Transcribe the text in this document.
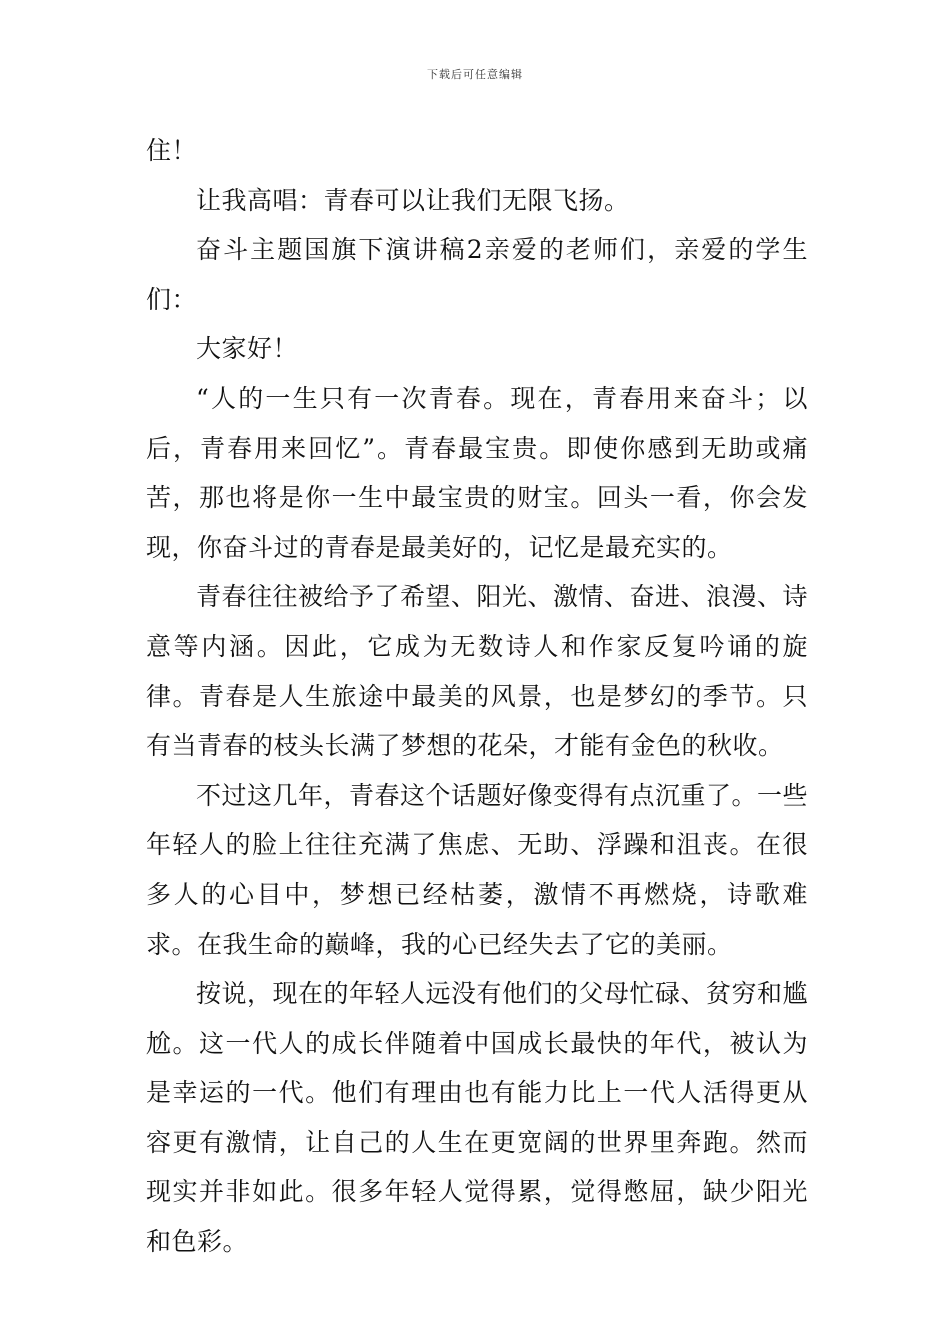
下载后可任意编辑

住！

让我高唱：青春可以让我们无限飞扬。

奋斗主题国旗下演讲稿2亲爱的老师们，亲爱的学生们：

大家好！

“人的一生只有一次青春。现在，青春用来奋斗；以后，青春用来回忆”。青春最宝贵。即使你感到无助或痛苦，那也将是你一生中最宝贵的财宝。回头一看，你会发现，你奋斗过的青春是最美好的，记忆是最充实的。

青春往往被给予了希望、阳光、激情、奋进、浪漫、诗意等内涵。因此，它成为无数诗人和作家反复吟诵的旋律。青春是人生旅途中最美的风景，也是梦幻的季节。只有当青春的枝头长满了梦想的花朵，才能有金色的秋收。

不过这几年，青春这个话题好像变得有点沉重了。一些年轻人的脸上往往充满了焦虑、无助、浮躁和沮丧。在很多人的心目中，梦想已经枯萎，激情不再燃烧，诗歌难求。在我生命的巅峰，我的心已经失去了它的美丽。

按说，现在的年轻人远没有他们的父母忙碌、贫穷和尴尬。这一代人的成长伴随着中国成长最快的年代，被认为是幸运的一代。他们有理由也有能力比上一代人活得更从容更有激情，让自己的人生在更宽阔的世界里奔跑。然而现实并非如此。很多年轻人觉得累，觉得憋屈，缺少阳光和色彩。
